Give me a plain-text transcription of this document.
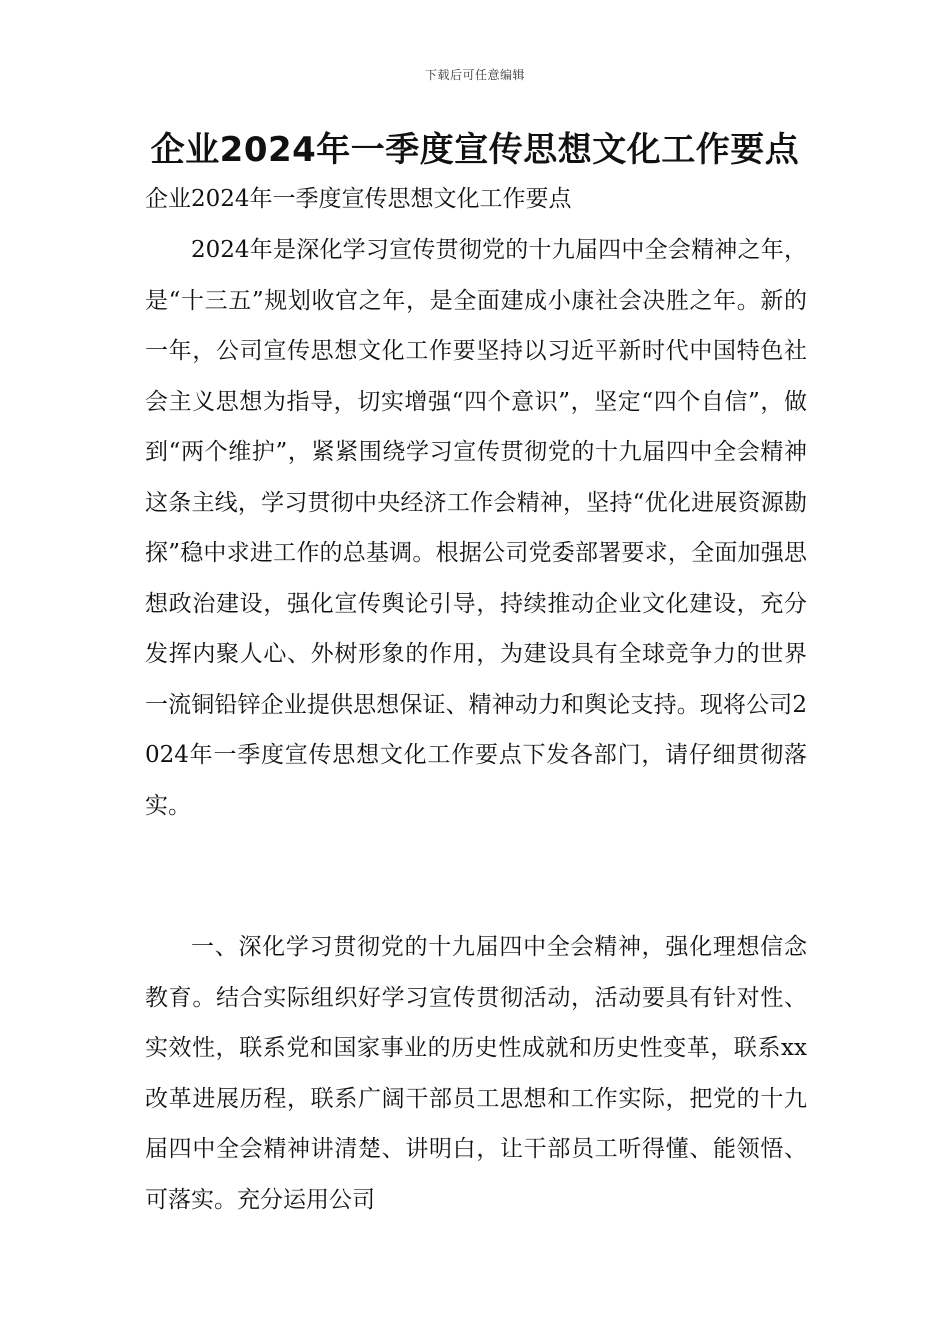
下载后可任意编辑
企业2024年一季度宣传思想文化工作要点

企业2024年一季度宣传思想文化工作要点

2024年是深化学习宣传贯彻党的十九届四中全会精神之年，是“十三五”规划收官之年，是全面建成小康社会决胜之年。新的一年，公司宣传思想文化工作要坚持以习近平新时代中国特色社会主义思想为指导，切实增强“四个意识”，坚定“四个自信”，做到“两个维护”，紧紧围绕学习宣传贯彻党的十九届四中全会精神这条主线，学习贯彻中央经济工作会精神，坚持“优化进展资源勘探”稳中求进工作的总基调。根据公司党委部署要求，全面加强思想政治建设，强化宣传舆论引导，持续推动企业文化建设，充分发挥内聚人心、外树形象的作用，为建设具有全球竞争力的世界一流铜铅锌企业提供思想保证、精神动力和舆论支持。现将公司2024年一季度宣传思想文化工作要点下发各部门，请仔细贯彻落实。

一、深化学习贯彻党的十九届四中全会精神，强化理想信念教育。结合实际组织好学习宣传贯彻活动，活动要具有针对性、实效性，联系党和国家事业的历史性成就和历史性变革，联系xx改革进展历程，联系广阔干部员工思想和工作实际，把党的十九届四中全会精神讲清楚、讲明白，让干部员工听得懂、能领悟、可落实。充分运用公司
